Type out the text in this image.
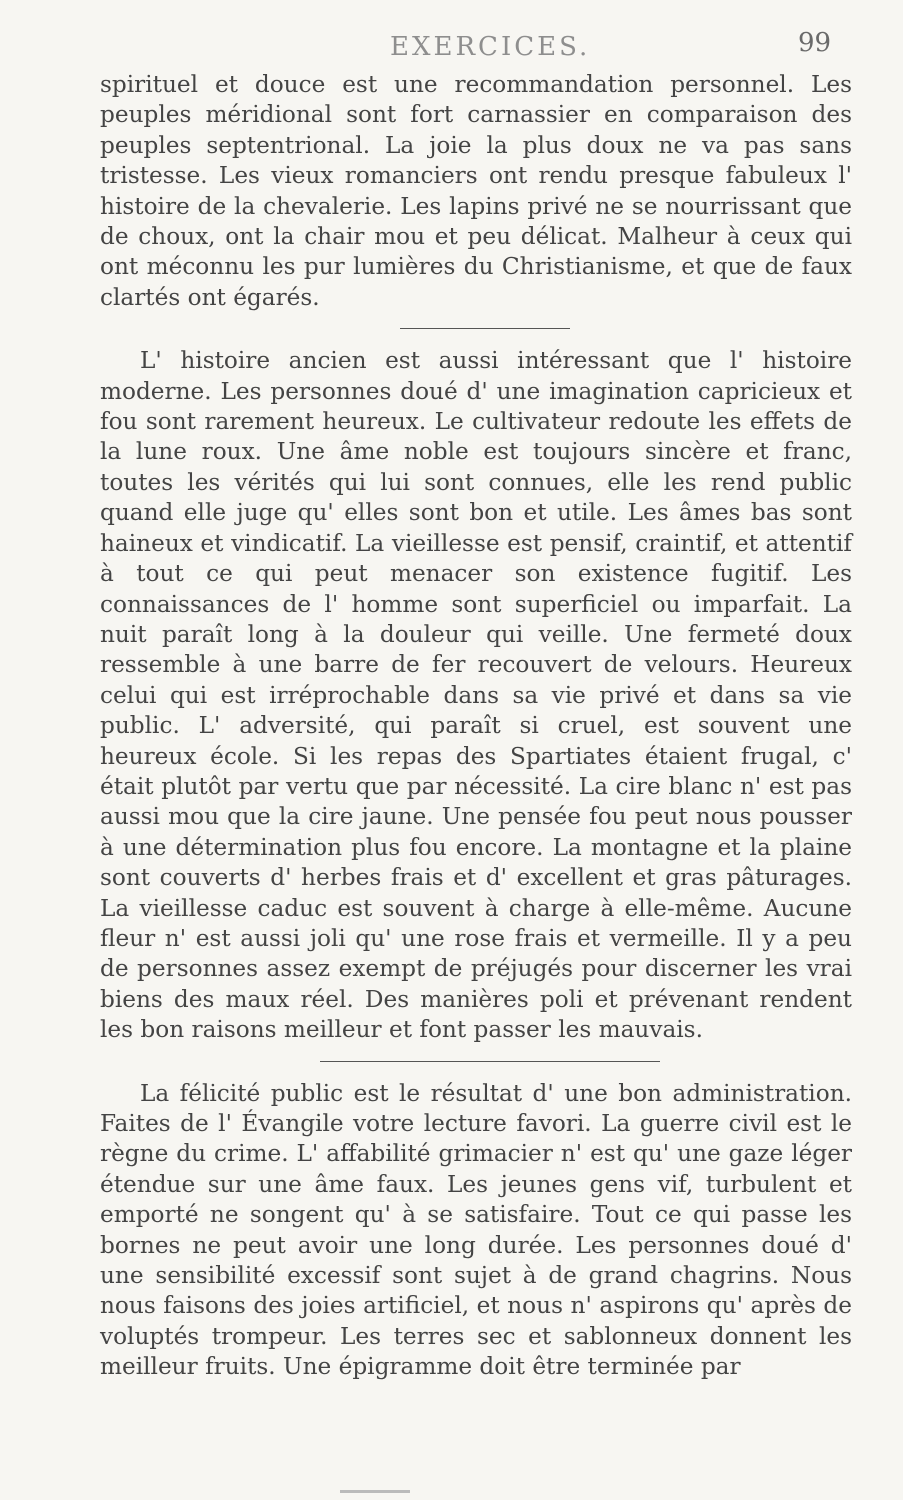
EXERCICES.	99

spirituel et douce est une recommandation personnel. Les peuples méridional sont fort carnassier en comparaison des peuples septentrional. La joie la plus doux ne va pas sans tristesse. Les vieux romanciers ont rendu presque fabuleux l' histoire de la chevalerie. Les lapins privé ne se nourrissant que de choux, ont la chair mou et peu délicat. Malheur à ceux qui ont méconnu les pur lumières du Christianisme, et que de faux clartés ont égarés.

L' histoire ancien est aussi intéressant que l' histoire moderne. Les personnes doué d' une imagination capricieux et fou sont rarement heureux. Le cultivateur redoute les effets de la lune roux. Une âme noble est toujours sincère et franc, toutes les vérités qui lui sont connues, elle les rend public quand elle juge qu' elles sont bon et utile. Les âmes bas sont haineux et vindicatif. La vieillesse est pensif, craintif, et attentif à tout ce qui peut menacer son existence fugitif. Les connaissances de l' homme sont superficiel ou imparfait. La nuit paraît long à la douleur qui veille. Une fermeté doux ressemble à une barre de fer recouvert de velours. Heureux celui qui est irréprochable dans sa vie privé et dans sa vie public. L' adversité, qui paraît si cruel, est souvent une heureux école. Si les repas des Spartiates étaient frugal, c' était plutôt par vertu que par nécessité. La cire blanc n' est pas aussi mou que la cire jaune. Une pensée fou peut nous pousser à une détermination plus fou encore. La montagne et la plaine sont couverts d' herbes frais et d' excellent et gras pâturages. La vieillesse caduc est souvent à charge à elle-même. Aucune fleur n' est aussi joli qu' une rose frais et vermeille. Il y a peu de personnes assez exempt de préjugés pour discerner les vrai biens des maux réel. Des manières poli et prévenant rendent les bon raisons meilleur et font passer les mauvais.

La félicité public est le résultat d' une bon administration. Faites de l' Évangile votre lecture favori. La guerre civil est le règne du crime. L' affabilité grimacier n' est qu' une gaze léger étendue sur une âme faux. Les jeunes gens vif, turbulent et emporté ne songent qu' à se satisfaire. Tout ce qui passe les bornes ne peut avoir une long durée. Les personnes doué d' une sensibilité excessif sont sujet à de grand chagrins. Nous nous faisons des joies artificiel, et nous n' aspirons qu' après de voluptés trompeur. Les terres sec et sablonneux donnent les meilleur fruits. Une épigramme doit être terminée par
